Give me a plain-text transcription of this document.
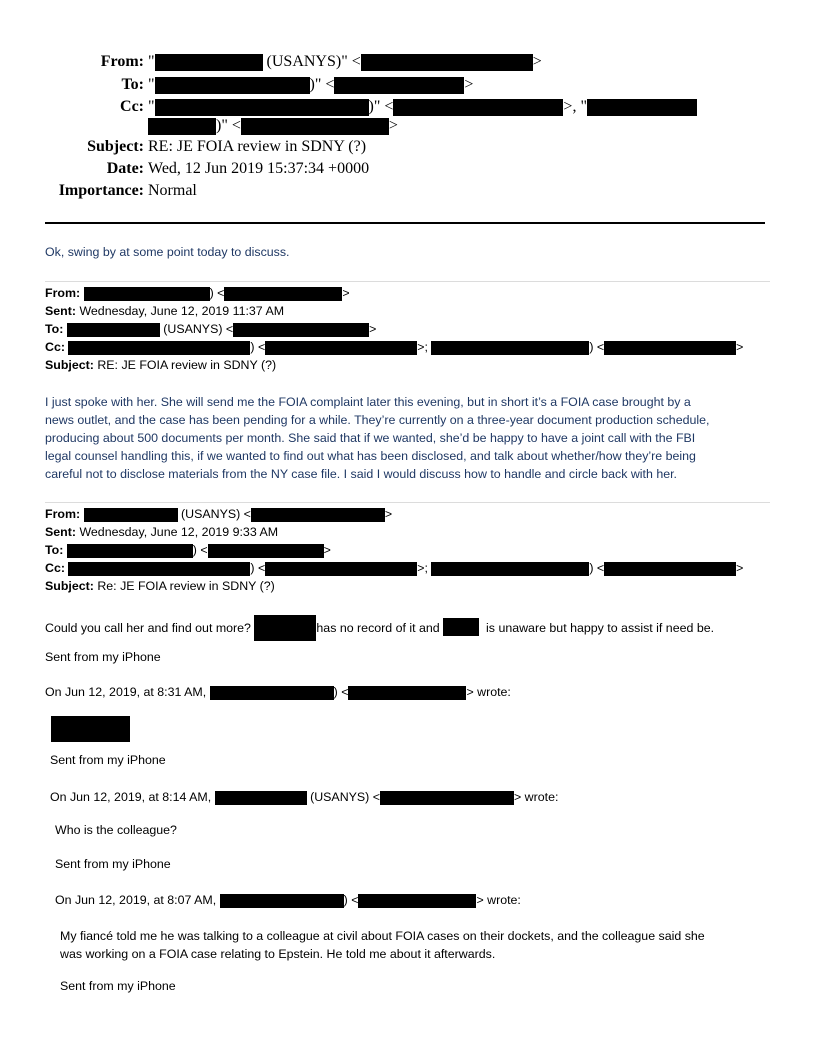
From: "	(USANYS)" <	>
To: "	)" <	>
Cc: "	)" <	>, "
)" <	>
Subject: RE: JE FOIA review in SDNY (?)
Date: Wed, 12 Jun 2019 15:37:34 +0000
Importance: Normal
Ok, swing by at some point today to discuss.
From:	) <	>
Sent: Wednesday, June 12, 2019 11:37 AM
To:	(USANYS) <	>
Cc:	) <	>;	) <	>
Subject: RE: JE FOIA review in SDNY (?)
I just spoke with her. She will send me the FOIA complaint later this evening, but in short it’s a FOIA case brought by a
news outlet, and the case has been pending for a while. They’re currently on a three-year document production schedule,
producing about 500 documents per month. She said that if we wanted, she’d be happy to have a joint call with the FBI
legal counsel handling this, if we wanted to find out what has been disclosed, and talk about whether/how they’re being
careful not to disclose materials from the NY case file. I said I would discuss how to handle and circle back with her.
From:	(USANYS) <	>
Sent: Wednesday, June 12, 2019 9:33 AM
To:	) <	>
Cc:	) <	>;	) <	>
Subject: Re: JE FOIA review in SDNY (?)
Could you call her and find out more?	has no record of it and	is unaware but happy to assist if need be.
Sent from my iPhone
On Jun 12, 2019, at 8:31 AM,	) <	> wrote:
Sent from my iPhone
On Jun 12, 2019, at 8:14 AM,	(USANYS) <	> wrote:
Who is the colleague?
Sent from my iPhone
On Jun 12, 2019, at 8:07 AM,	) <	> wrote:
My fiancé told me he was talking to a colleague at civil about FOIA cases on their dockets, and the colleague said she
was working on a FOIA case relating to Epstein. He told me about it afterwards.
Sent from my iPhone
